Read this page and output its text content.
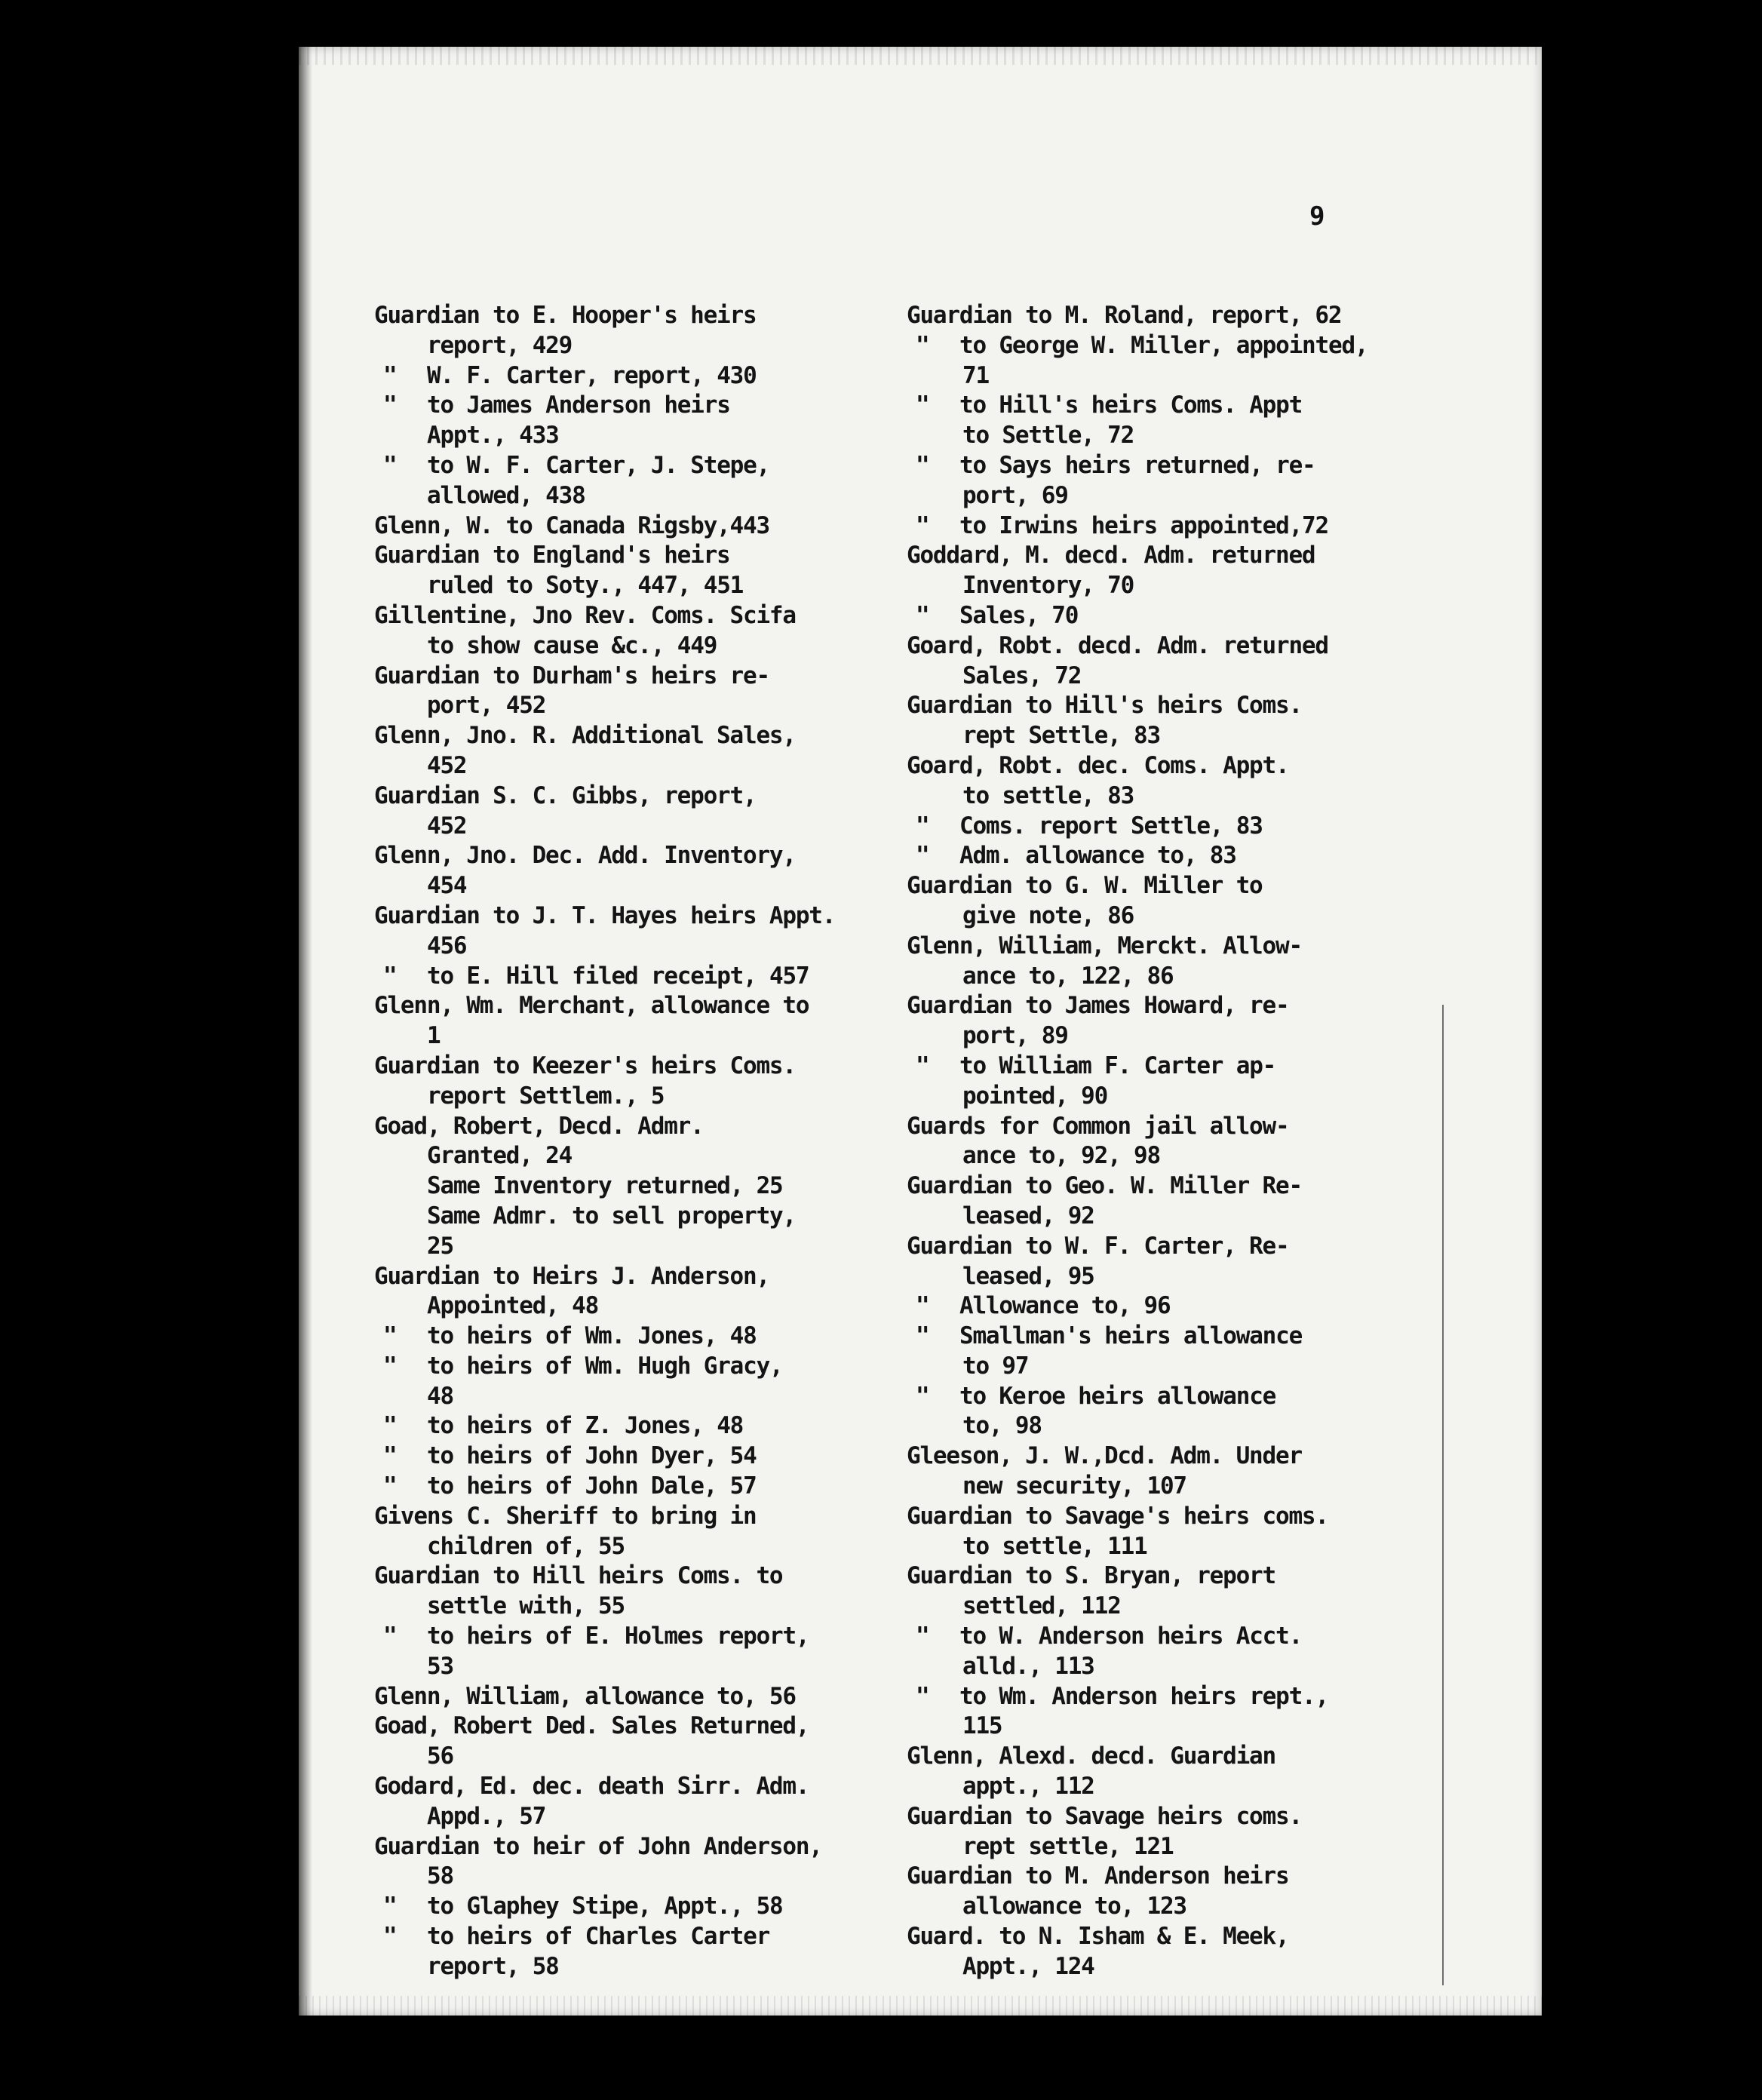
9
Guardian to E. Hooper's heirs
report, 429
" W. F. Carter, report, 430
" to James Anderson heirs
Appt., 433
" to W. F. Carter, J. Stepe,
allowed, 438
Glenn, W. to Canada Rigsby,443
Guardian to England's heirs
ruled to Soty., 447, 451
Gillentine, Jno Rev. Coms. Scifa
to show cause &c., 449
Guardian to Durham's heirs re-
port, 452
Glenn, Jno. R. Additional Sales,
452
Guardian S. C. Gibbs, report,
452
Glenn, Jno. Dec. Add. Inventory,
454
Guardian to J. T. Hayes heirs Appt.
456
" to E. Hill filed receipt, 457
Glenn, Wm. Merchant, allowance to
1
Guardian to Keezer's heirs Coms.
report Settlem., 5
Goad, Robert, Decd. Admr.
Granted, 24
Same Inventory returned, 25
Same Admr. to sell property,
25
Guardian to Heirs J. Anderson,
Appointed, 48
" to heirs of Wm. Jones, 48
" to heirs of Wm. Hugh Gracy,
48
" to heirs of Z. Jones, 48
" to heirs of John Dyer, 54
" to heirs of John Dale, 57
Givens C. Sheriff to bring in
children of, 55
Guardian to Hill heirs Coms. to
settle with, 55
" to heirs of E. Holmes report,
53
Glenn, William, allowance to, 56
Goad, Robert Ded. Sales Returned,
56
Godard, Ed. dec. death Sirr. Adm.
Appd., 57
Guardian to heir of John Anderson,
58
" to Glaphey Stipe, Appt., 58
" to heirs of Charles Carter
report, 58
Guardian to M. Roland, report, 62
" to George W. Miller, appointed,
71
" to Hill's heirs Coms. Appt
to Settle, 72
" to Says heirs returned, re-
port, 69
" to Irwins heirs appointed,72
Goddard, M. decd. Adm. returned
Inventory, 70
" Sales, 70
Goard, Robt. decd. Adm. returned
Sales, 72
Guardian to Hill's heirs Coms.
rept Settle, 83
Goard, Robt. dec. Coms. Appt.
to settle, 83
" Coms. report Settle, 83
" Adm. allowance to, 83
Guardian to G. W. Miller to
give note, 86
Glenn, William, Merckt. Allow-
ance to, 122, 86
Guardian to James Howard, re-
port, 89
" to William F. Carter ap-
pointed, 90
Guards for Common jail allow-
ance to, 92, 98
Guardian to Geo. W. Miller Re-
leased, 92
Guardian to W. F. Carter, Re-
leased, 95
" Allowance to, 96
" Smallman's heirs allowance
to 97
" to Keroe heirs allowance
to, 98
Gleeson, J. W.,Dcd. Adm. Under
new security, 107
Guardian to Savage's heirs coms.
to settle, 111
Guardian to S. Bryan, report
settled, 112
" to W. Anderson heirs Acct.
alld., 113
" to Wm. Anderson heirs rept.,
115
Glenn, Alexd. decd. Guardian
appt., 112
Guardian to Savage heirs coms.
rept settle, 121
Guardian to M. Anderson heirs
allowance to, 123
Guard. to N. Isham & E. Meek,
Appt., 124
